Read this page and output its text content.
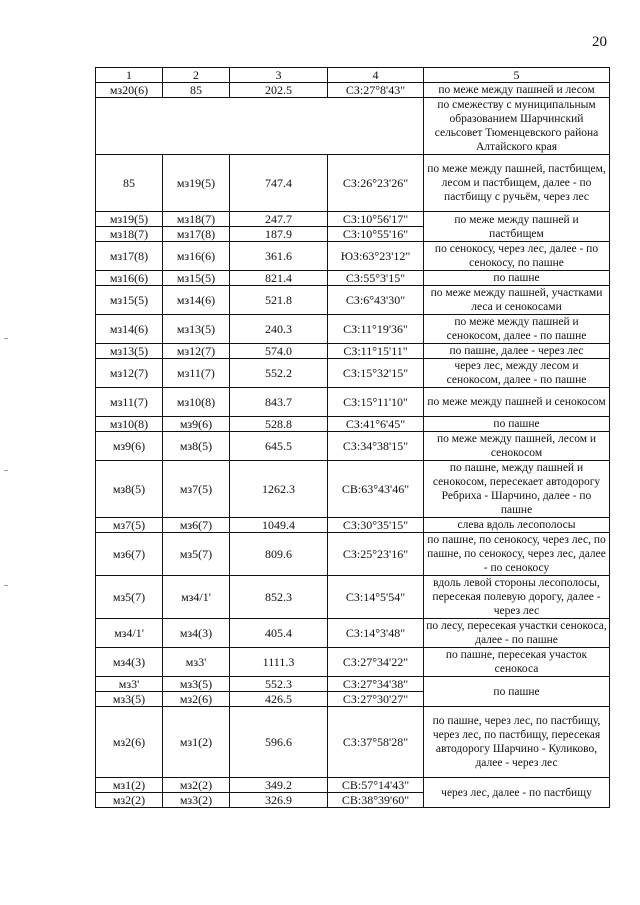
20
1	2	3	4	5
мз20(6)	85	202.5	СЗ:27°8'43"	по меже между пашней и лесом
				по смежеству с муниципальным образованием Шарчинский сельсовет Тюменцевского района Алтайского края
85	мз19(5)	747.4	СЗ:26°23'26"	по меже между пашней, пастбищем, лесом и пастбищем, далее - по пастбищу с ручьём, через лес
мз19(5)	мз18(7)	247.7	СЗ:10°56'17"	по меже между пашней и пастбищем
мз18(7)	мз17(8)	187.9	СЗ:10°55'16"	
мз17(8)	мз16(6)	361.6	ЮЗ:63°23'12"	по сенокосу, через лес, далее - по сенокосу, по пашне
мз16(6)	мз15(5)	821.4	СЗ:55°3'15"	по пашне
мз15(5)	мз14(6)	521.8	СЗ:6°43'30"	по меже между пашней, участками леса и сенокосами
мз14(6)	мз13(5)	240.3	СЗ:11°19'36"	по меже между пашней и сенокосом, далее - по пашне
мз13(5)	мз12(7)	574.0	СЗ:11°15'11"	по пашне, далее - через лес
мз12(7)	мз11(7)	552.2	СЗ:15°32'15"	через лес, между лесом и сенокосом, далее - по пашне
мз11(7)	мз10(8)	843.7	СЗ:15°11'10"	по меже между пашней и сенокосом
мз10(8)	мз9(6)	528.8	СЗ:41°6'45"	по пашне
мз9(6)	мз8(5)	645.5	СЗ:34°38'15"	по меже между пашней, лесом и сенокосом
мз8(5)	мз7(5)	1262.3	СВ:63°43'46"	по пашне, между пашней и сенокосом, пересекает автодорогу Ребриха - Шарчино, далее - по пашне
мз7(5)	мз6(7)	1049.4	СЗ:30°35'15"	слева вдоль лесополосы
мз6(7)	мз5(7)	809.6	СЗ:25°23'16"	по пашне, по сенокосу, через лес, по пашне, по сенокосу, через лес, далее - по сенокосу
мз5(7)	мз4/1'	852.3	СЗ:14°5'54"	вдоль левой стороны лесополосы, пересекая полевую дорогу, далее - через лес
мз4/1'	мз4(3)	405.4	СЗ:14°3'48"	по лесу, пересекая участки сенокоса, далее - по пашне
мз4(3)	мз3'	1111.3	СЗ:27°34'22"	по пашне, пересекая участок сенокоса
мз3'	мз3(5)	552.3	СЗ:27°34'38"	по пашне
мз3(5)	мз2(6)	426.5	СЗ:27°30'27"	
мз2(6)	мз1(2)	596.6	СЗ:37°58'28"	по пашне, через лес, по пастбищу, через лес, по пастбищу, пересекая автодорогу Шарчино - Куликово, далее - через лес
мз1(2)	мз2(2)	349.2	СВ:57°14'43"	через лес, далее - по пастбищу
мз2(2)	мз3(2)	326.9	СВ:38°39'60"	
